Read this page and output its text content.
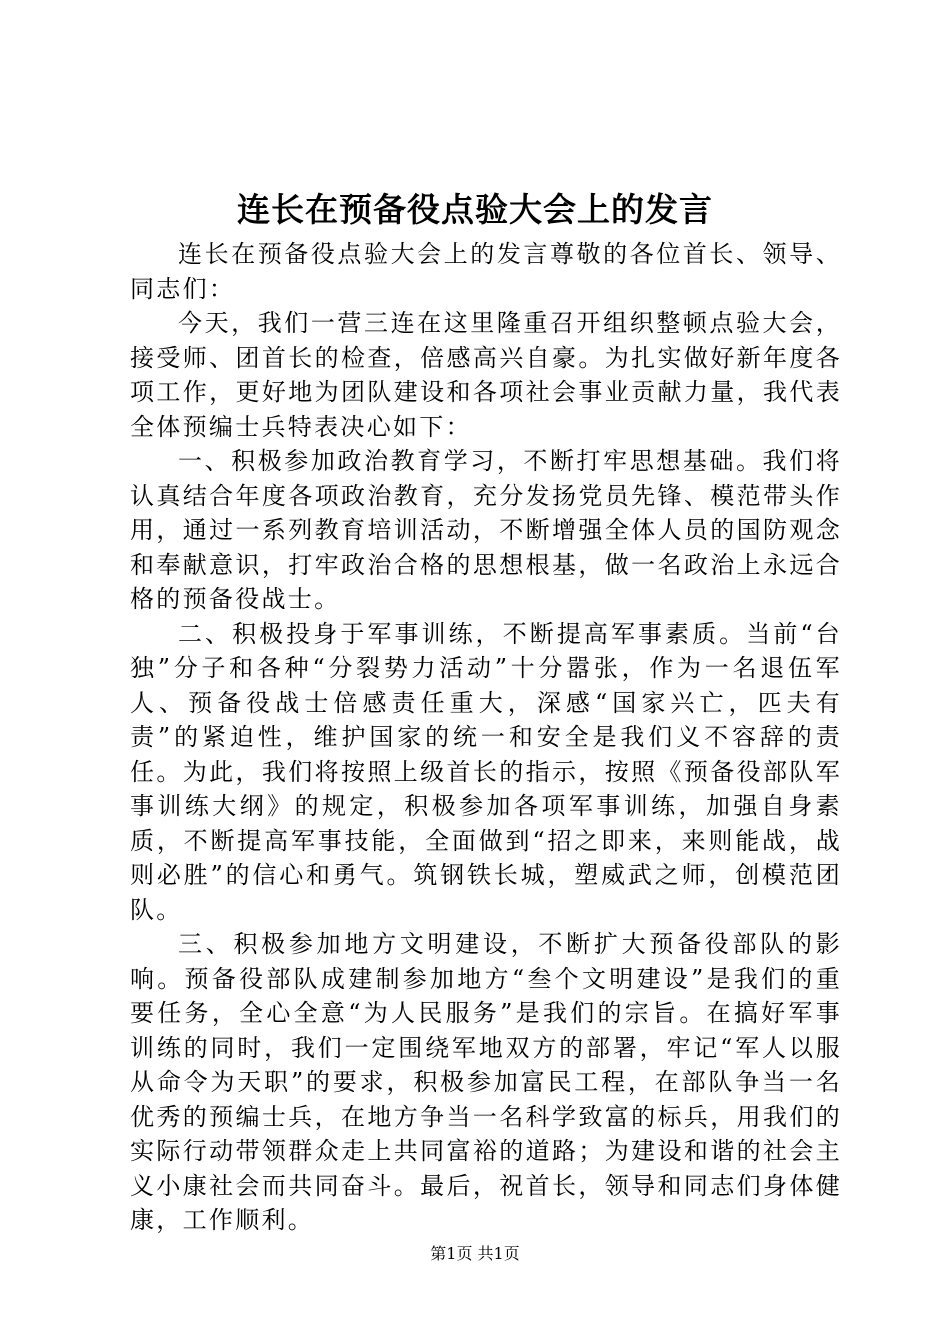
连长在预备役点验大会上的发言

连长在预备役点验大会上的发言尊敬的各位首长、领导、同志们：

今天，我们一营三连在这里隆重召开组织整顿点验大会，接受师、团首长的检查，倍感高兴自豪。为扎实做好新年度各项工作，更好地为团队建设和各项社会事业贡献力量，我代表全体预编士兵特表决心如下：

一、积极参加政治教育学习，不断打牢思想基础。我们将认真结合年度各项政治教育，充分发扬党员先锋、模范带头作用，通过一系列教育培训活动，不断增强全体人员的国防观念和奉献意识，打牢政治合格的思想根基，做一名政治上永远合格的预备役战士。

二、积极投身于军事训练，不断提高军事素质。当前“台独”分子和各种“分裂势力活动”十分嚣张，作为一名退伍军人、预备役战士倍感责任重大，深感“国家兴亡，匹夫有责”的紧迫性，维护国家的统一和安全是我们义不容辞的责任。为此，我们将按照上级首长的指示，按照《预备役部队军事训练大纲》的规定，积极参加各项军事训练，加强自身素质，不断提高军事技能，全面做到“招之即来，来则能战，战则必胜”的信心和勇气。筑钢铁长城，塑威武之师，创模范团队。

三、积极参加地方文明建设，不断扩大预备役部队的影响。预备役部队成建制参加地方“叁个文明建设”是我们的重要任务，全心全意“为人民服务”是我们的宗旨。在搞好军事训练的同时，我们一定围绕军地双方的部署，牢记“军人以服从命令为天职”的要求，积极参加富民工程，在部队争当一名优秀的预编士兵，在地方争当一名科学致富的标兵，用我们的实际行动带领群众走上共同富裕的道路；为建设和谐的社会主义小康社会而共同奋斗。最后，祝首长，领导和同志们身体健康，工作顺利。

第1页 共1页
